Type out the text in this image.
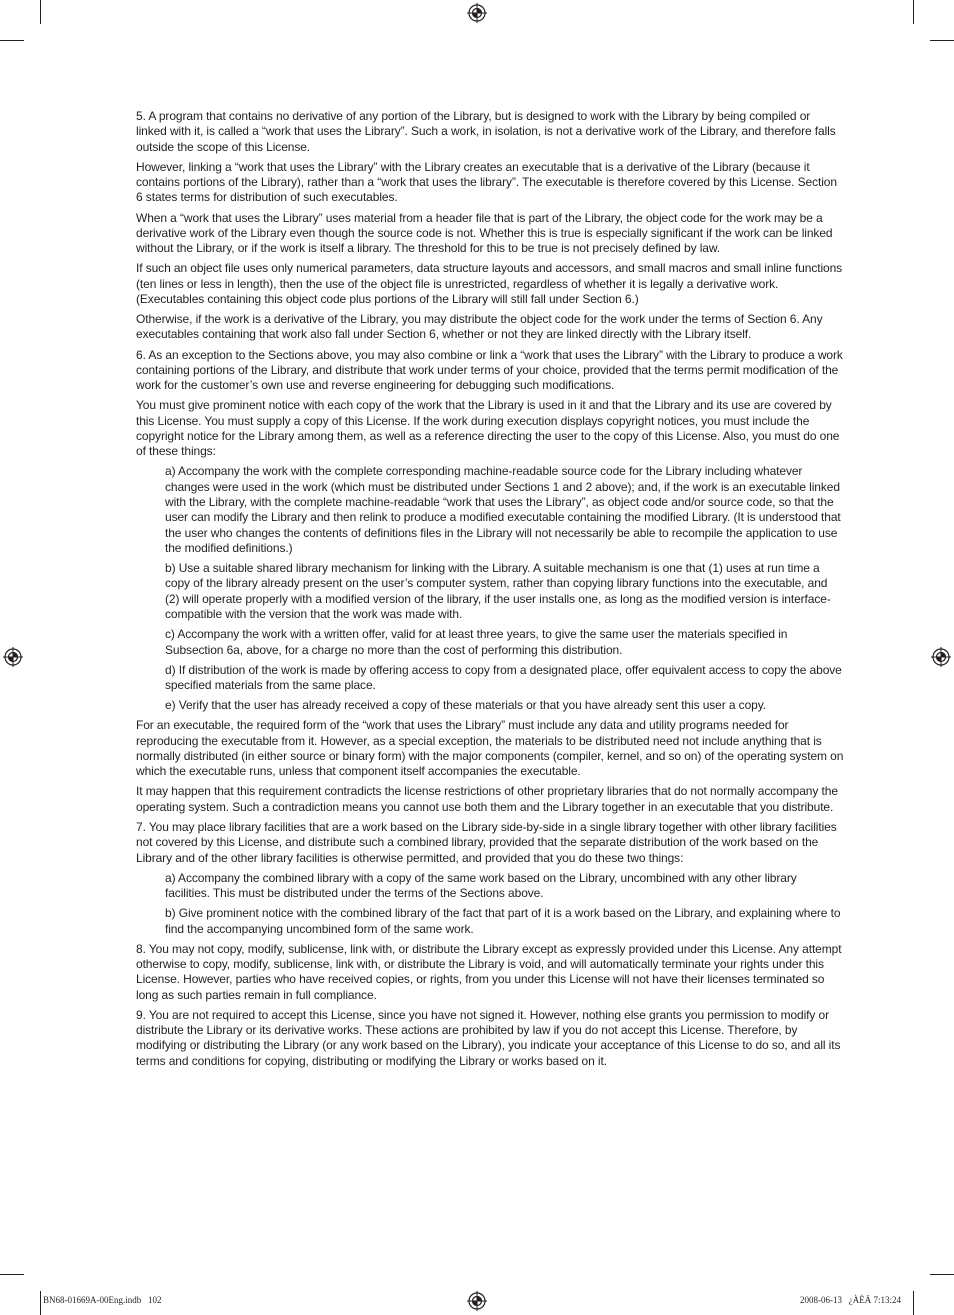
5. A program that contains no derivative of any portion of the Library, but is designed to work with the Library by being compiled or linked with it, is called a “work that uses the Library”. Such a work, in isolation, is not a derivative work of the Library, and therefore falls outside the scope of this License.

However, linking a “work that uses the Library” with the Library creates an executable that is a derivative of the Library (because it contains portions of the Library), rather than a “work that uses the library”. The executable is therefore covered by this License. Section 6 states terms for distribution of such executables.

When a “work that uses the Library” uses material from a header file that is part of the Library, the object code for the work may be a derivative work of the Library even though the source code is not. Whether this is true is especially significant if the work can be linked without the Library, or if the work is itself a library. The threshold for this to be true is not precisely defined by law.

If such an object file uses only numerical parameters, data structure layouts and accessors, and small macros and small inline functions (ten lines or less in length), then the use of the object file is unrestricted, regardless of whether it is legally a derivative work. (Executables containing this object code plus portions of the Library will still fall under Section 6.)

Otherwise, if the work is a derivative of the Library, you may distribute the object code for the work under the terms of Section 6. Any executables containing that work also fall under Section 6, whether or not they are linked directly with the Library itself.

6. As an exception to the Sections above, you may also combine or link a “work that uses the Library” with the Library to produce a work containing portions of the Library, and distribute that work under terms of your choice, provided that the terms permit modification of the work for the customer’s own use and reverse engineering for debugging such modifications.

You must give prominent notice with each copy of the work that the Library is used in it and that the Library and its use are covered by this License. You must supply a copy of this License. If the work during execution displays copyright notices, you must include the copyright notice for the Library among them, as well as a reference directing the user to the copy of this License. Also, you must do one of these things:

a) Accompany the work with the complete corresponding machine-readable source code for the Library including whatever changes were used in the work (which must be distributed under Sections 1 and 2 above); and, if the work is an executable linked with the Library, with the complete machine-readable “work that uses the Library”, as object code and/or source code, so that the user can modify the Library and then relink to produce a modified executable containing the modified Library. (It is understood that the user who changes the contents of definitions files in the Library will not necessarily be able to recompile the application to use the modified definitions.)

b) Use a suitable shared library mechanism for linking with the Library. A suitable mechanism is one that (1) uses at run time a copy of the library already present on the user’s computer system, rather than copying library functions into the executable, and (2) will operate properly with a modified version of the library, if the user installs one, as long as the modified version is interface-compatible with the version that the work was made with.

c) Accompany the work with a written offer, valid for at least three years, to give the same user the materials specified in Subsection 6a, above, for a charge no more than the cost of performing this distribution.

d) If distribution of the work is made by offering access to copy from a designated place, offer equivalent access to copy the above specified materials from the same place.

e) Verify that the user has already received a copy of these materials or that you have already sent this user a copy.

For an executable, the required form of the “work that uses the Library” must include any data and utility programs needed for reproducing the executable from it. However, as a special exception, the materials to be distributed need not include anything that is normally distributed (in either source or binary form) with the major components (compiler, kernel, and so on) of the operating system on which the executable runs, unless that component itself accompanies the executable.

It may happen that this requirement contradicts the license restrictions of other proprietary libraries that do not normally accompany the operating system. Such a contradiction means you cannot use both them and the Library together in an executable that you distribute.

7. You may place library facilities that are a work based on the Library side-by-side in a single library together with other library facilities not covered by this License, and distribute such a combined library, provided that the separate distribution of the work based on the Library and of the other library facilities is otherwise permitted, and provided that you do these two things:

a) Accompany the combined library with a copy of the same work based on the Library, uncombined with any other library facilities. This must be distributed under the terms of the Sections above.

b) Give prominent notice with the combined library of the fact that part of it is a work based on the Library, and explaining where to find the accompanying uncombined form of the same work.

8. You may not copy, modify, sublicense, link with, or distribute the Library except as expressly provided under this License. Any attempt otherwise to copy, modify, sublicense, link with, or distribute the Library is void, and will automatically terminate your rights under this License. However, parties who have received copies, or rights, from you under this License will not have their licenses terminated so long as such parties remain in full compliance.

9. You are not required to accept this License, since you have not signed it. However, nothing else grants you permission to modify or distribute the Library or its derivative works. These actions are prohibited by law if you do not accept this License. Therefore, by modifying or distributing the Library (or any work based on the Library), you indicate your acceptance of this License to do so, and all its terms and conditions for copying, distributing or modifying the Library or works based on it.

BN68-01669A-00Eng.indb   102	2008-06-13   ¿ÀÈÄ 7:13:24
